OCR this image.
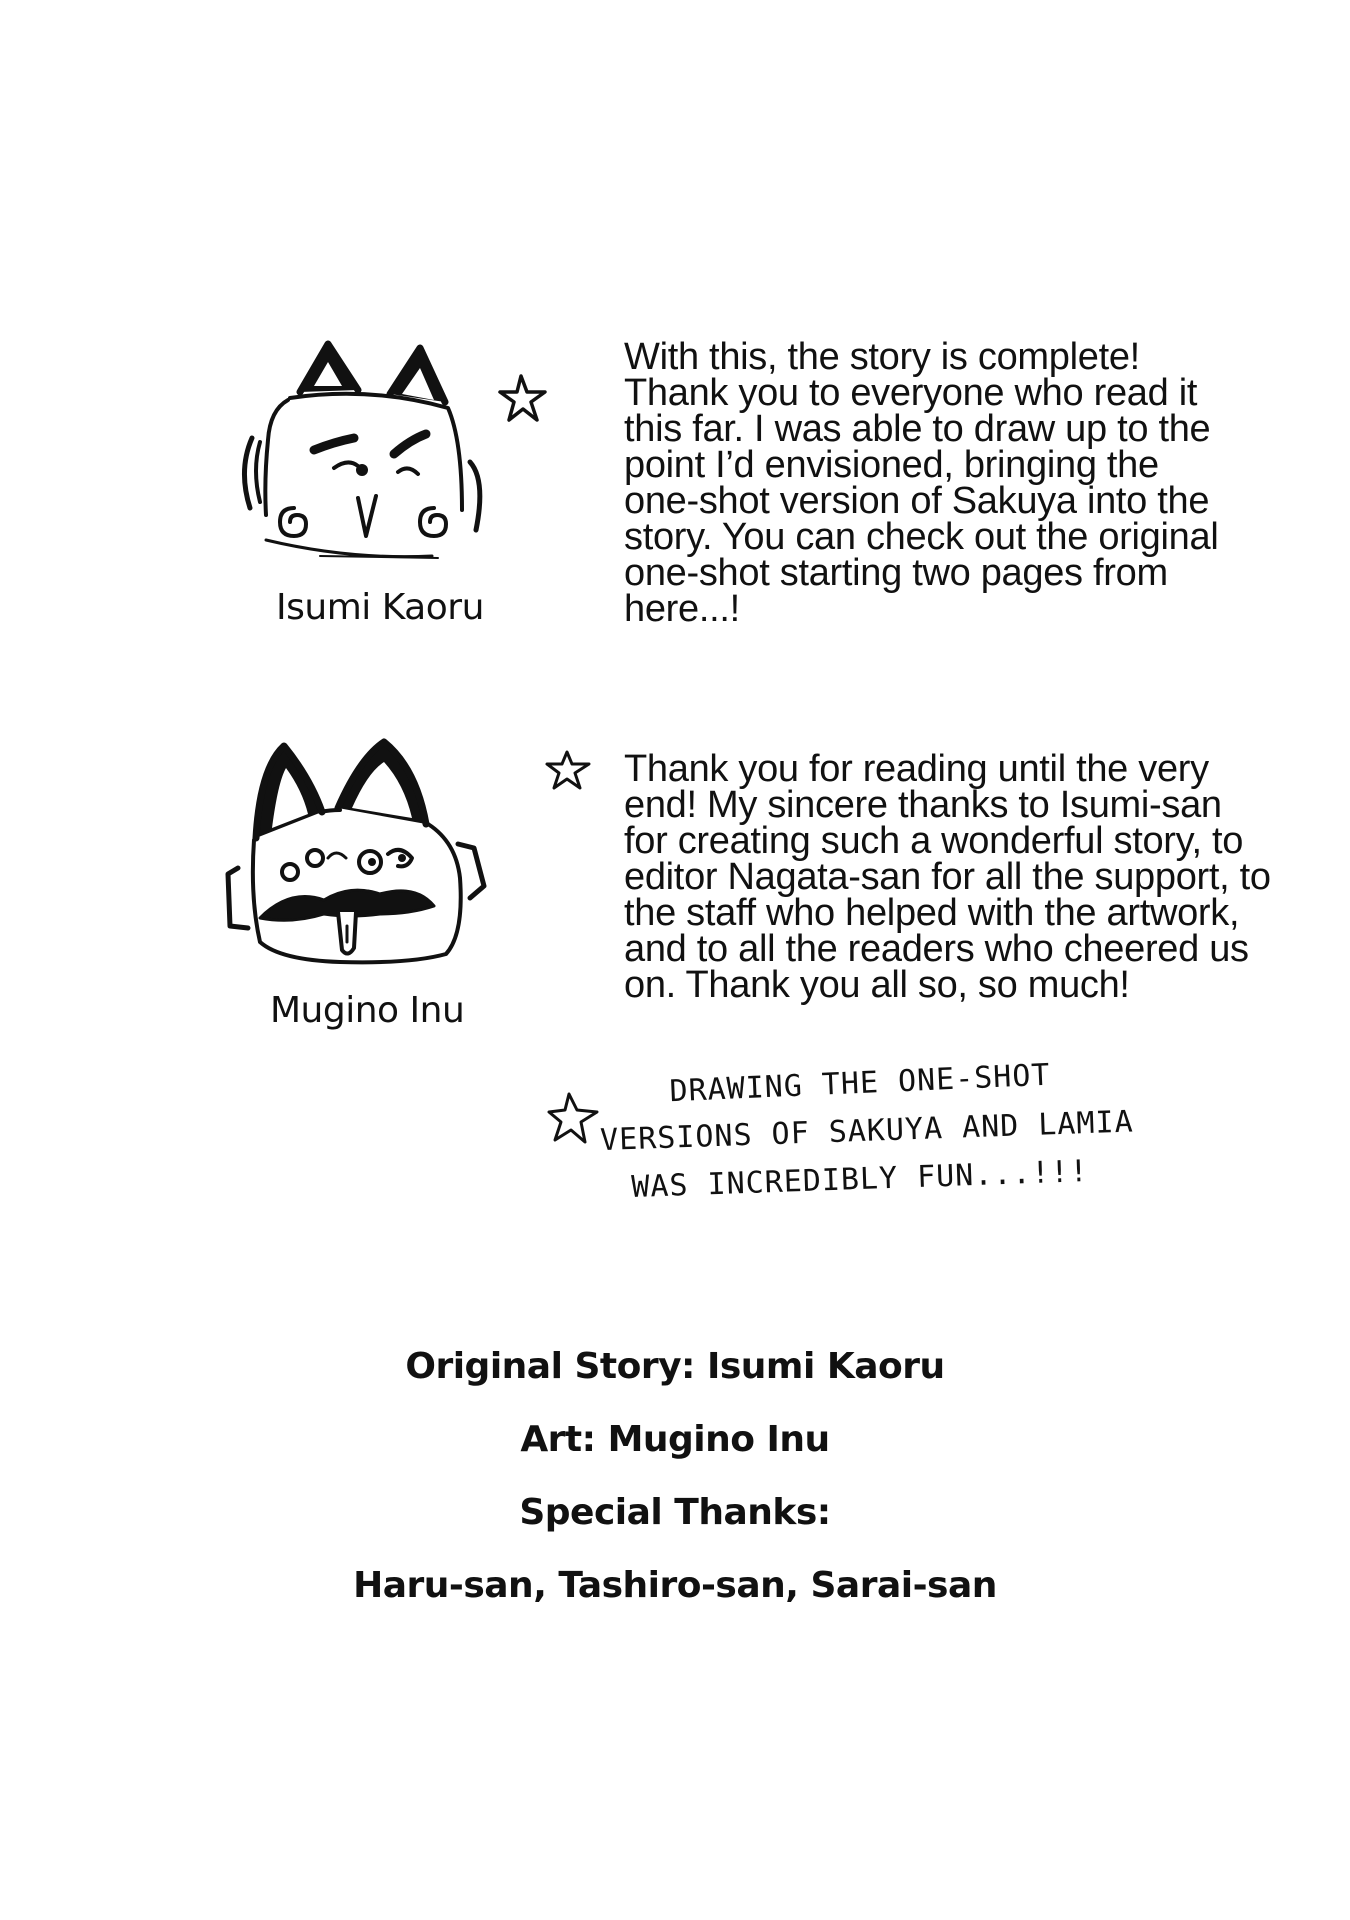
Isumi Kaoru
With this, the story is complete!
Thank you to everyone who read it
this far. I was able to draw up to the
point I’d envisioned, bringing the
one-shot version of Sakuya into the
story. You can check out the original
one-shot starting two pages from
here...!
Mugino Inu
Thank you for reading until the very
end! My sincere thanks to Isumi-san
for creating such a wonderful story, to
editor Nagata-san for all the support, to
the staff who helped with the artwork,
and to all the readers who cheered us
on. Thank you all so, so much!
DRAWING THE ONE-SHOT
VERSIONS OF SAKUYA AND LAMIA
WAS INCREDIBLY FUN...!!!
Original Story: Isumi Kaoru
Art: Mugino Inu
Special Thanks:
Haru-san, Tashiro-san, Sarai-san
